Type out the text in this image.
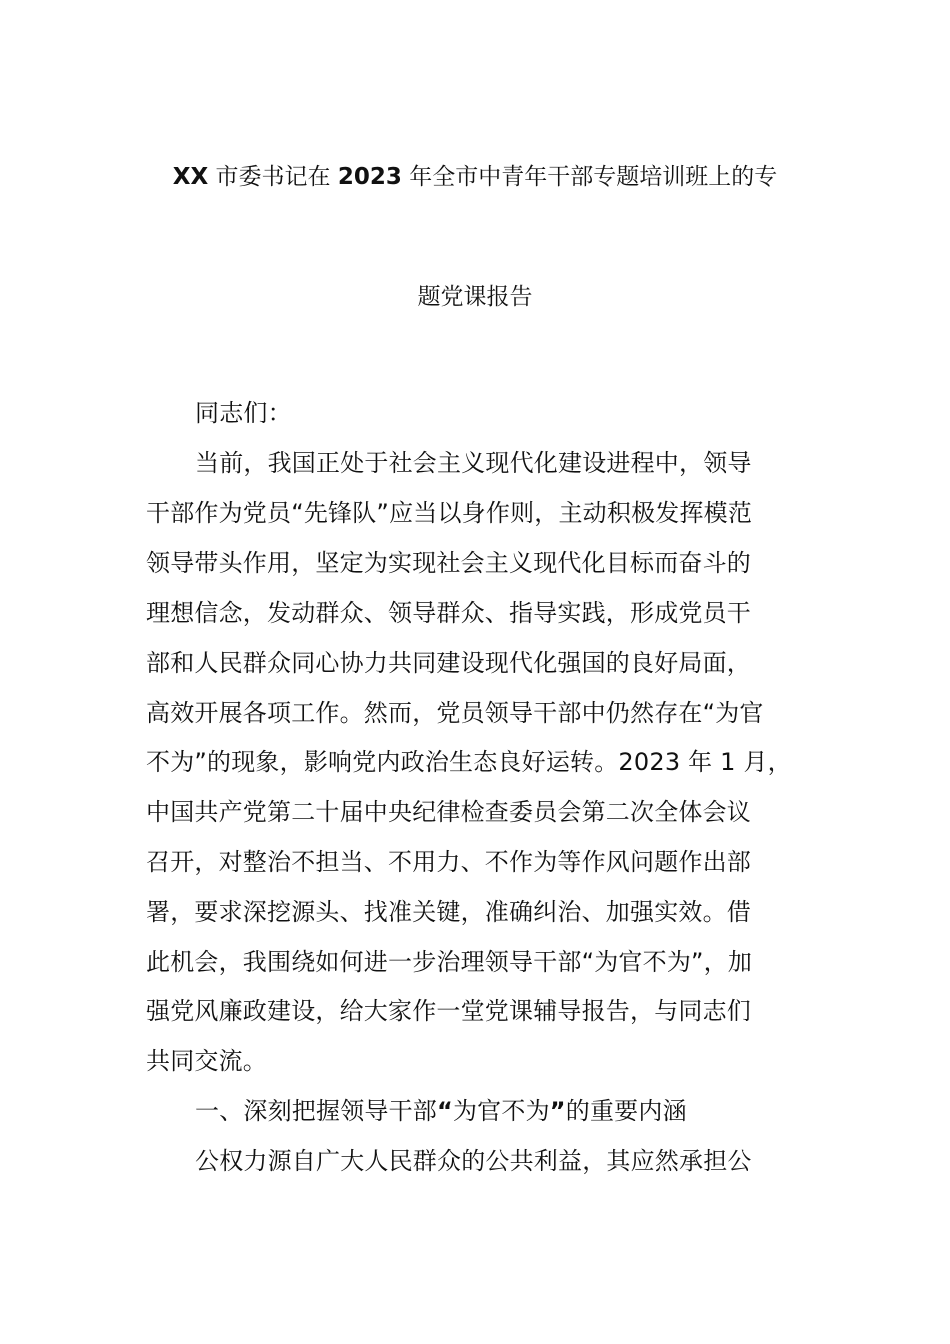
XX 市委书记在 2023 年全市中青年干部专题培训班上的专
题党课报告
同志们：
当前，我国正处于社会主义现代化建设进程中，领导
干部作为党员“先锋队”应当以身作则，主动积极发挥模范
领导带头作用，坚定为实现社会主义现代化目标而奋斗的
理想信念，发动群众、领导群众、指导实践，形成党员干
部和人民群众同心协力共同建设现代化强国的良好局面，
高效开展各项工作。然而，党员领导干部中仍然存在“为官
不为”的现象，影响党内政治生态良好运转。2023 年 1 月，
中国共产党第二十届中央纪律检查委员会第二次全体会议
召开，对整治不担当、不用力、不作为等作风问题作出部
署，要求深挖源头、找准关键，准确纠治、加强实效。借
此机会，我围绕如何进一步治理领导干部“为官不为”，加
强党风廉政建设，给大家作一堂党课辅导报告，与同志们
共同交流。
一、深刻把握领导干部“为官不为”的重要内涵
公权力源自广大人民群众的公共利益，其应然承担公
